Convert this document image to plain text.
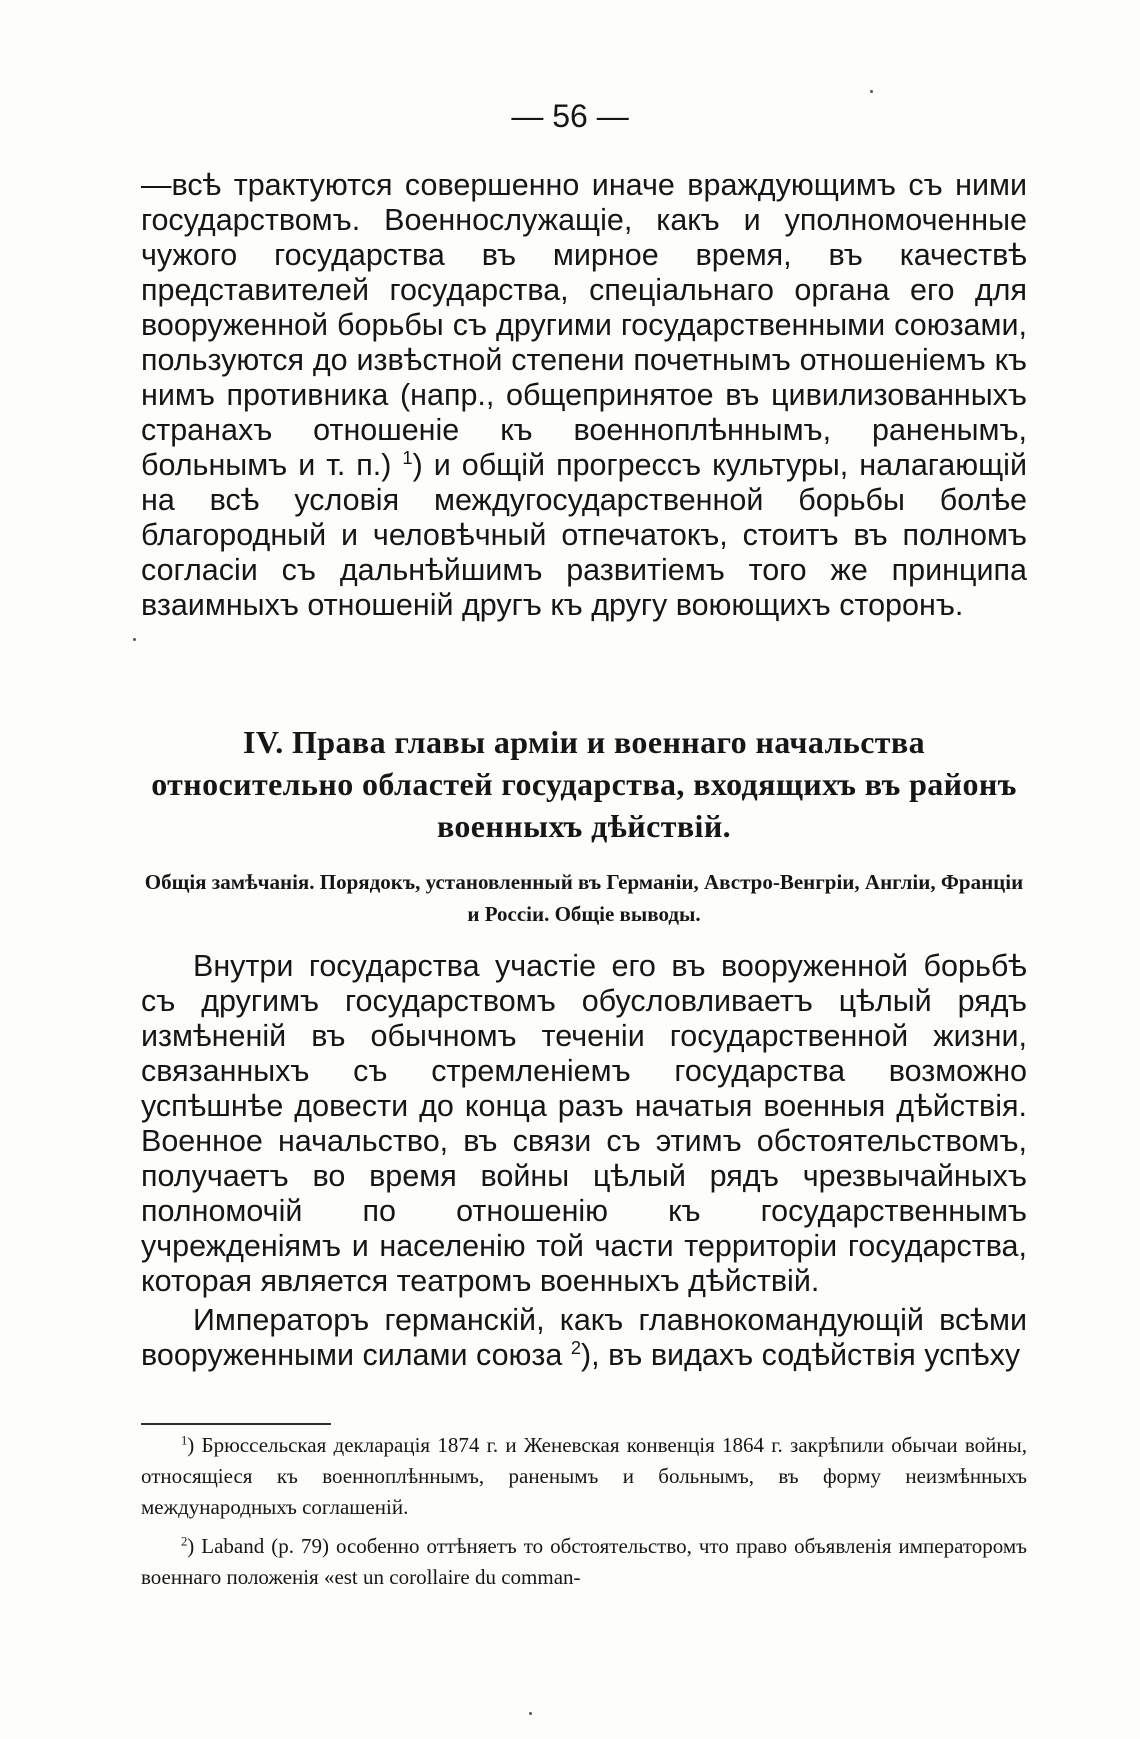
— 56 —

—всѣ трактуются совершенно иначе враждующимъ съ ними государствомъ. Военнослужащіе, какъ и уполномоченные чужого государства въ мирное время, въ качествѣ представителей государства, спеціальнаго органа его для вооруженной борьбы съ другими государственными союзами, пользуются до извѣстной степени почетнымъ отношеніемъ къ нимъ противника (напр., общепринятое въ цивилизованныхъ странахъ отношеніе къ военноплѣннымъ, раненымъ, больнымъ и т. п.) $^1$) и общій прогрессъ культуры, налагающій на всѣ условія междугосударственной борьбы болѣе благородный и человѣчный отпечатокъ, стоитъ въ полномъ согласіи съ дальнѣйшимъ развитіемъ того же принципа взаимныхъ отношеній другъ къ другу воюющихъ сторонъ.

IV. Права главы арміи и военнаго начальства относительно областей государства, входящихъ въ районъ военныхъ дѣйствій.

Общія замѣчанія. Порядокъ, установленный въ Германіи, Австро-Венгріи, Англіи, Франціи и Россіи. Общіе выводы.

Внутри государства участіе его въ вооруженной борьбѣ съ другимъ государствомъ обусловливаетъ цѣлый рядъ измѣненій въ обычномъ теченіи государственной жизни, связанныхъ съ стремленіемъ государства возможно успѣшнѣе довести до конца разъ начатыя военныя дѣйствія. Военное начальство, въ связи съ этимъ обстоятельствомъ, получаетъ во время войны цѣлый рядъ чрезвычайныхъ полномочій по отношенію къ государственнымъ учрежденіямъ и населенію той части территоріи государства, которая является театромъ военныхъ дѣйствій.

Императоръ германскій, какъ главнокомандующій всѣми вооруженными силами союза $^2$), въ видахъ содѣйствія успѣху

$^1$) Брюссельская декларація 1874 г. и Женевская конвенція 1864 г. закрѣпили обычаи войны, относящіеся къ военноплѣннымъ, раненымъ и больнымъ, въ форму неизмѣнныхъ международныхъ соглашеній.

$^2$) Laband (p. 79) особенно оттѣняетъ то обстоятельство, что право объявленія императоромъ военнаго положенія «est un corollaire du comman-
